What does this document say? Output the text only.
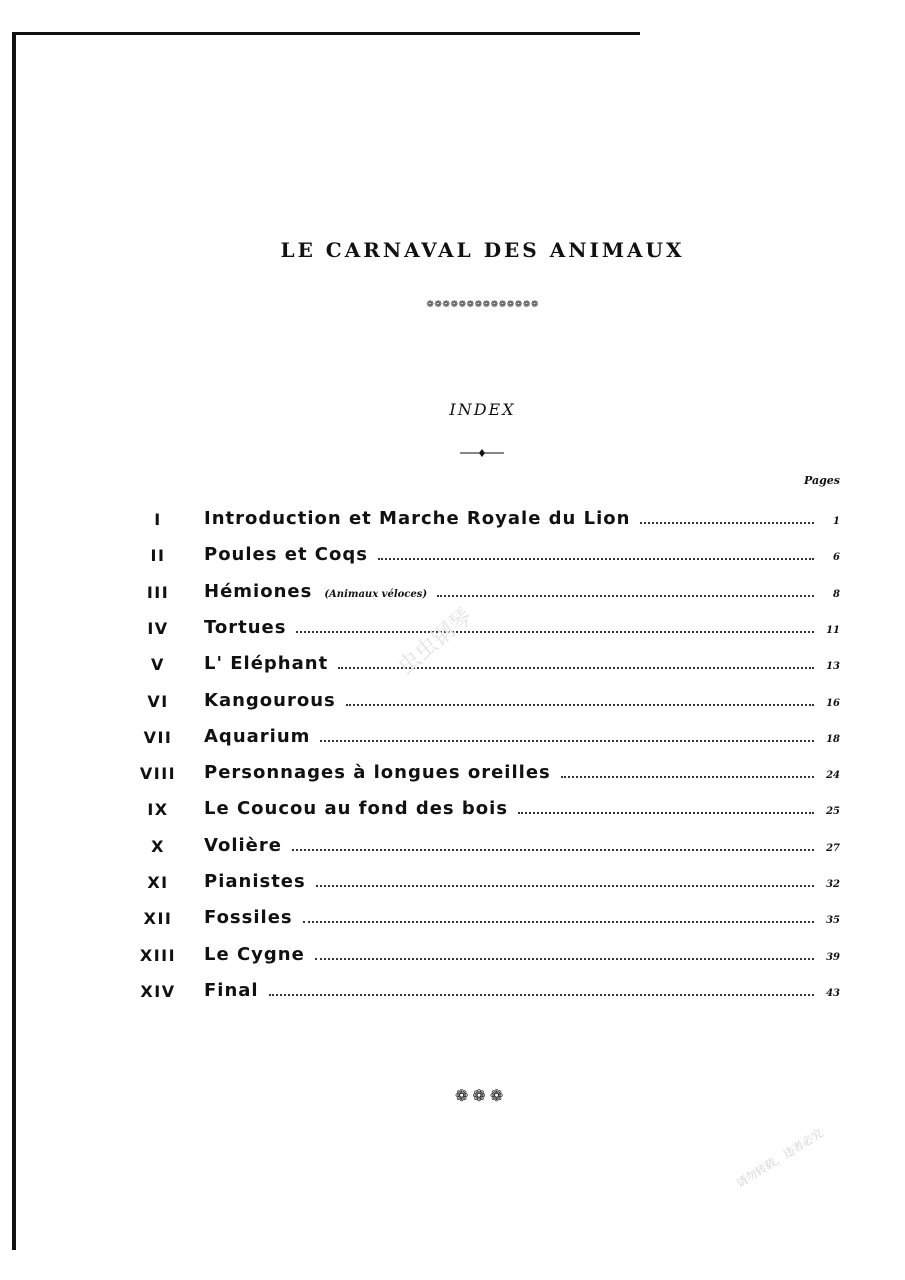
LE CARNAVAL DES ANIMAUX
❁❁❁❁❁❁❁❁❁❁❁❁❁❁
INDEX
Pages
I	Introduction et Marche Royale du Lion	1
II	Poules et Coqs	6
III	Hémiones (Animaux véloces)	8
IV	Tortues	11
V	L' Eléphant	13
VI	Kangourous	16
VII	Aquarium	18
VIII	Personnages à longues oreilles	24
IX	Le Coucou au fond des bois	25
X	Volière	27
XI	Pianistes	32
XII	Fossiles	35
XIII	Le Cygne	39
XIV	Final	43
❁❁❁
虫虫钢琴
请勿转载，违者必究
